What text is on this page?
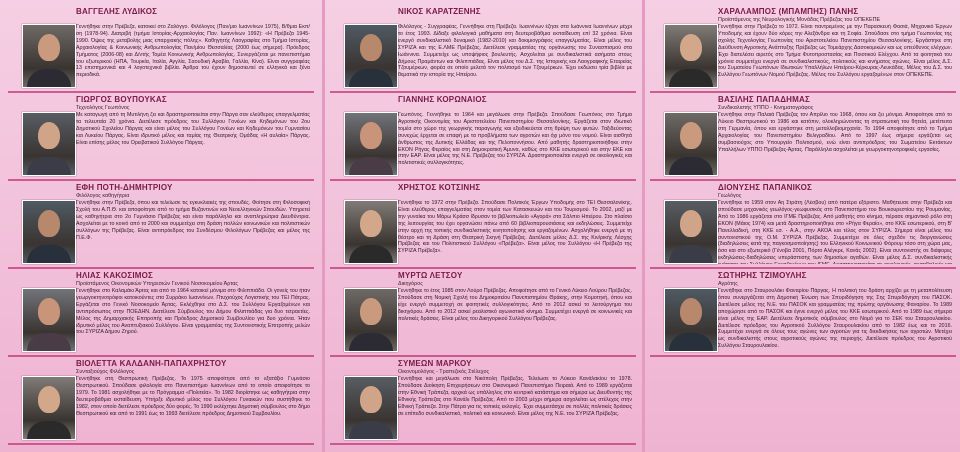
ΒΑΓΓΕΛΗΣ ΛΥΔΙΚΟΣ
Γεννήθηκε στην Πρέβεζα, κατοικεί στο Ζαλόγγο. Φιλόλογος (Παν/μιο Ιωαννίνων 1975), Β/θμια Εκπ/ση (1978-94). Διατριβή (τμήμα Ιστορίας-Αρχαιολογίας Παν. Ιωαννίνων 1992): «Η Πρέβεζα 1945-1990. Όψεις της μεταβολής μιας επαρχιακής πόλης». Καθηγητής Λαογραφίας στο Τμήμα Ιστορίας, Αρχαιολογίας & Κοινωνικής Ανθρωπολογίας Παν/μίου Θεσσαλίας (2000 έως σήμερα). Πρόεδρος Τμήματος (2006-08) και Δ/ντής Τομέα Κοινωνικής Ανθρωπολογίας. Συνεργάζεται με πανεπιστήμια του εξωτερικού (ΗΠΑ, Τουρκία, Ιταλία, Αγγλία, Σαουδική Αραβία, Γαλλία, Κίνα). Είναι συγγραφέας 13 επιστημονικά και 4 λογοτεχνικά βιβλία. Άρθρα του έχουν δημοσιευτεί σε ελληνικά και ξένα περιοδικά.
ΓΙΩΡΓΟΣ ΒΟΥΠΟΥΚΑΣ
Τεχνολόγος Γεωπόνος
Με καταγωγή από τη Μυτιλήνη ζει και δραστηριοποιείται στην Πάργα σαν ελεύθερος επαγγελματίας τα τελευταία 20 χρόνια. Διετέλεσε πρόεδρος του Συλλόγου Γονέων και Κηδεμόνων του 2ου Δημοτικού Σχολείου Πάργας και είναι μέλος του Συλλόγου Γονέων και Κηδεμόνων του Γυμνασίου και Λυκείου Πάργας. Είναι ιδρυτικό μέλος και ταμίας της Θεατρικής Ομάδας «Η αυλαία» Πάργας. Είναι επίσης μέλος του Ορειβατικού Συλλόγου Πάργας.
ΕΦΗ ΠΟΤΗ-ΔΗΜΗΤΡΙΟΥ
Φιλόλογος καθηγήτρια
Γεννήθηκε στην Πρέβεζα, όπου και τελείωσε τις εγκυκλιακές της σπουδές. Φοίτησε στη Φιλοσοφική Σχολή του Α.Π.Θ. και αποφοίτησε από το τμήμα Βυζαντινών και Νεοελληνικών Σπουδών. Υπηρετεί ως καθηγήτρια στο 2ο Γυμνάσιο Πρέβεζας και είναι παράλληλα και αναπληρώτρια Διευθύντρια. Ασχολείται με το κοινό από το 2000 και συμμετέχει στη δράση πολλών κοινωνικών και πολιτιστικών συλλόγων της Πρέβεζας. Είναι αντιπρόεδρος του Συνδέσμου Φιλολόγων Πρέβεζας και μέλος της Π.Ε.Φ.
ΗΛΙΑΣ ΚΑΚΟΣΙΜΟΣ
Προϊστάμενος Οικονομικών Υπηρεσιών Γενικού Νοσοκομείου Άρτας
Γεννήθηκε στο Καλαμάκι Άρτας και από το 1964 κατοικεί μόνιμα στο Φιλιππιάδα. Οι γονείς του ήταν γεωργοκτηνοτρόφοι κατοικούντες στο Συρράκο Ιωαννίνων. Πτυχιούχος Λογιστικής του ΤΕΙ Πάτρας. Εργάζεται στο Γενικό Νοσοκομείο Άρτας. Εκλέχθηκε στο Δ.Σ. του Συλλόγου Εργαζομένων και αντιπρόσωπος στην ΠΟΕΔΗΝ. Διατέλεσε Σύμβουλος του Δήμου Φιλιππιάδας για δυο τετραετίες. Μέλος της Δημαρχιακής Επιτροπής και Πρόεδρος Δημοτικού Συμβουλίου για δυο χρόνια. Ήταν ιδρυτικό μέλος του Αναπτυξιακού Συλλόγου. Είναι γραμματέας της Συντονιστικής Επιτροπής μελών του ΣΥΡΙΖΑ Δήμου Ζηρού.
ΒΙΟΛΕΤΤΑ ΚΑΛΔΑΝΗ-ΠΑΠΑΧΡΗΣΤΟΥ
Συνταξιούχος Φιλόλογος
Γεννήθηκε στη Θεσπρωτική Πρέβεζας. Το 1975 αποφοίτησε από το εξατάξιο Γυμνάσιο Θεσπρωτικού. Σπούδασε φιλολογία στο Πανεπιστήμιο Ιωαννίνων από το οποίο αποφοίτησε το 1979. Το 1981 ασχολήθηκε με το Πρόγραμμα «Πολιτεία». Το 1982 διορίστηκε ως καθηγήτρια στην δευτεροβάθμια εκπαίδευση. Υπήρξε ιδρυτικό μέλος του Συλλόγου Γυναικών που συστήθηκε το 1982, στον οποίο διετέλεσε πρόεδρος δύο φορές. Το 1990 εκλέχτηκε Δημοτική σύμβουλος στο δήμο Θεσπρωτικού και από το 1991 έως το 1993 διετέλεσε πρόεδρος Δημοτικού Συμβουλίου.
ΝΙΚΟΣ ΚΑΡΑΤΖΕΝΗΣ
Φιλόλογος - Συγγραφέας. Γεννήθηκε στη Πρέβεζα. Ιωαννίνων έζησε στα Ιωάννινα Ιωαννίνων μέχρι το έτος 1993. Δίδαξε φιλολογικά μαθήματα στη δευτεροβάθμια εκπαίδευση επί 32 χρόνια. Είναι ενεργό συνδικαλιστικό δυναμικό (1982-2010) και δοκιμιογράφος επαγγελματίας. Είναι μέλος του ΣΥΡΙΖΑ και της Ε.ΛΜΕ Πρέβεζας. Διετέλεσε γραμματέας της οργάνωσης του Συνασπισμού στα Ιωάννινα. Συμμετείχε ως υποψήφιος βουλευτής. Ασχολείται με συνδικαλιστικά ασήματα στους Δήμους Πραμάντων και Φιλιππιάδας. Είναι μέλος του Δ.Σ. της Ιστορικής και Λαογραφικής Εταιρείας Τζουμέρκων, φορέα σε οποίο μελετά τον πολιτισμό των Τζουμέρκων. Έχει εκδώσει τρία βιβλία με θεματικά την ιστορία της Ηπείρου.
ΓΙΑΝΝΗΣ ΚΟΡΩΝΑΙΟΣ
Γεωπόνος. Γεννήθηκε το 1964 και μεγάλωσε στην Πρέβεζα. Σπούδασε Γεωπόνος στο Τμήμα Αγροτικής Οικονομίας του Αριστοτελείου Πανεπιστημίου Θεσσαλονίκης. Εργάζεται στον ιδιωτικό τομέα στο χώρο της γεωργικής παραγωγής και εξειδικεύεται στη θρέψη των φυτών. Ταξιδεύοντας συνεχώς έρχεται σε επαφή με τα προβλήματα των αγροτών και όχι μόνο του νομού. Είναι αισθητά άνθρωπος της Δυτικής Ελλάδας και της Πελοποννήσου. Από μαθητής δραστηριοποιήθηκε στην ΕΚΟΝ Ρήγας Φεραίος και στη Δημοκρατική Άμυνα, καθώς στο ΚΚΕ εσωτερικού και στην ΕΚΕ και στην ΕΑΡ. Είναι μέλος της Ν.Ε. Πρέβεζας του ΣΥΡΙΖΑ. Δραστηριοποιείται ενεργά σε οικολογικές και πολιτιστικές συλλογικότητες.
ΧΡΗΣΤΟΣ ΚΟΤΣΙΝΗΣ
Γεννήθηκε το 1972 στην Πρέβεζα. Σπούδασε Πολιτικός Έργων Υποδομής στο ΤΕΙ Θεσσαλονίκης. Είναι ελεύθερος επαγγελματίας στον τομέα των Κατασκευών και του Τουρισμού. Το 2002, μαζί με την γυναίκα του Μάρω Κράσσ ίδρυσαν το βιβλιοπωλείο «Αγορά» στο Σάλπιο Ηπείρου. Στο πλαίσιο της λειτουργίας του έχει οργανώσει πάνω από 60 βιβλιοπαρουσιάσεις και εκδηλώσεις. Συμμετείχε στην αρχή της τοπικής συνδικαλιστικής κινητοποίησης και εργαζομένων. Ασχολήθηκε ενεργά με τη θέατρο και τη Δράση στη Θεατρική Σκηνή Πρέβεζας. Διετέλεσε μέλος Δ.Σ. της Κιν/ρικής Λέσχης Πρέβεζας και του Πολιτιστικού Συλλόγου «Πρέβεζα». Είναι μέλος του Συλλόγου «Η Πρέβεζα της ΣΥΡΙΖΑ Πρέβεζα».
ΜΥΡΤΩ ΛΕΤΣΟΥ
Δικηγόρος
Γεννήθηκε το έτος 1985 στον Λούρο Πρέβεζας. Αποφοίτησε από το Γενικό Λύκειο Λούρου Πρέβεζας. Σπούδασε στη Νομική Σχολή του Δημοκριτείου Πανεπιστημίου Θράκης, στην Κομοτηνή, όπου και είχε ενεργό συμμετοχή σε φοιτητικές συλλογικότητες. Από το 2012 ασκεί το λειτούργημα του δικηγόρου. Από το 2012 ασκεί ρεαλιστικό αγωνιστικό κίνημα. Συμμετέχει ενεργά σε κοινωνικές και πολιτικές δράσεις. Είναι μέλος του Δικηγορικού Συλλόγου Πρέβεζας.
ΣΥΜΕΩΝ ΜΑΡΚΟΥ
Οικονομολόγος - Τραπεζικός Στέλεχος
Γεννήθηκε και μεγάλωσε στο Νικόπολη Πρέβεζας. Τελείωσε το Λύκειο Κανάλακίου το 1978. Σπούδασε Διοίκηση Επιχειρήσεων στο Οικονομικό Πανεπιστήμιο Πειραιά. Από το 1989 εργάζεται στην Εθνική Τράπεζα, αρχικά ως υπάλληλος στο κεντρικό κατάστημα και σήμερα ως Διευθυντής της Εθνικής Τράπεζας στο Κανάλι Πρέβεζας. Από το 2003 μέχρι σήμερα ασχολείται ως στέλεχος στην Εθνική Τράπεζα. Στην Πάτρα για τις τοπικές εκλογές. Έχει συμμετάσχει σε πολλές πολιτικές δράσεις σε επίπεδο συνδικαλιστικό, πολιτικό και κοινωνικό. Είναι μέλος της Ν.Ε. του ΣΥΡΙΖΑ Πρέβεζας.
ΧΑΡΑΛΑΜΠΟΣ (ΜΠΑΜΠΗΣ) ΠΑΝΗΣ
Προϊστάμενος της Νευρολογικής Μονάδας Πρέβεζας του ΟΠΕΚΕΠΕ
Γεννήθηκε στην Πρέβεζα το 1972. Είναι παντρεμένος με την Παρασκευή Φασιά, Μηχανικό Έργων Υποδομής και έχουν δύο κόρες την Αλεξάνδρα και τη Σοφία. Σπούδασε στο τμήμα Γεωπονίας της σχολής Τεχνολογίας Γεωπονίας του Αριστοτελείου Πανεπιστημίου Θεσσαλονίκης. Εργάστηκε στη Διεύθυνση Αγροτικής Ανάπτυξης Πρέβεζας ως Τομεάρχης Δασοκομικών και ως υπεύθυνος ελέγχων. Έχει διατελέσει αιρετός στο Τμήμα Φυτοπροστασίας και Ποιοτικού Ελέγχου. Από τα φοιτητικά του χρόνια συμμετέχει ενεργά σε συνδικαλιστικούς, πολιτικούς και κινήματος αγώνες. Είναι μέλος Δ.Σ. του Συματείου Γεωπόνων Ιδιωτικών Υπαλλήλων Ηπείρου-Κέρκυρας-Λευκάδας. Μέλος του Δ.Σ. του Συλλόγου Γεωπόνων Νομού Πρέβεζας. Μέλος του Συλλόγου εργαζομένων στον ΟΠΕΚΕΠΕ.
ΒΑΣΙΛΗΣ ΠΑΠΑΔΗΜΑΣ
Συνδικαλιστής ΥΠΠΟ - Κινηματογράφος
Γεννήθηκε στην Παλαιά Πρέβεζας τον Απρίλιο του 1968, όπου και ζει μόνιμα. Αποφοίτησε από το Λύκειο Θεσπρωτικού το 1986 και κατόπιν, ολοκληρώνοντας τη στρατιωτική του θητεία, μετέπειτα στη Γερμανία, όπου και εργάστηκε στη μεταλλοβιομηχανία. Το 1994 αποφοίτησε από το Τμήμα Αρχαιολογίας του Πανεπιστημίου Βελιγραδίου. Από το 1997 έως σήμερα εργάζεται ως συμβασιούχος στο Υπουργείο Πολιτισμού, ενώ είναι αντιπρόεδρος του Σωματείου Εκτάκτων Υπαλλήλων ΥΠΠΟ Πρέβεζας-Άρτας. Παράλληλα ασχολείται με γεωργοκτηνοτροφικές εργασίες.
ΔΙΟΝΥΣΗΣ ΠΑΠΑΝΙΚΟΣ
Γεωλόγος
Γεννήθηκε το 1959 στον Αη Στράτη (Λέσβου) από πατέρα εξόριστο. Μαθήτευσε στην Πρέβεζα και σπούδασε μηχανικός γεωλόγος-γεωφυσικός στο Πανεπιστήμιο του Βουκουρεστίου της Ρουμανίας. Από το 1986 εργάζεται στο ΙΓΜΕ Πρέβεζας. Από μαθητής στο κίνημα, πέρασε σημαντικό ρόλο στη ΕΚΟΝ (Μάιος 1974) και μετά δραστηριοποιήθηκε στο «Ρήγα Φεραίο», στο ΚΚΕ εσωτερικού, στη Β' Πανελλαδική, στη ΚΚΕ εσ. - Α.Α., στην ΑΚΟΑ και τέλος στον ΣΥΡΙΖΑ. Σήμερα είναι μέλος του συντονιστικού της Ο.Μ. ΣΥΡΙΖΑ Πρέβεζας. Συμμετέχει σε όλες σχεδόν τις διοργανώσεις (διαδηλώσεις κατά της παγκοσμιοποίησης) του Ελληνικού Κοινωνικού Φόρουμ τόσο στη χώρα μας, όσο και στο εξωτερικό (Γένοβα 2001, Πόρτο Αλέγκρε, Κανάς 2002). Είναι συντονιστής σε διάφορες εκδηλώσεις-διαδηλώσεις υπεράσπισης των δημοσίων αγαθών. Είναι μέλος Δ.Σ. συνδικαλιστικής
ΣΩΤΗΡΗΣ ΤΖΙΜΟΥΛΗΣ
Αγρότης
Γεννήθηκε στο Σταυρουλάκι Φαναρίου Πάργας. Η πολιτική του δράση αρχίζει με τη μεταπολίτευση όπου συνεργάζεται στη Δημοτική Ένωση των Σπυριδόγηση της Σης Σπυριδόγηση του ΠΑΣΟΚ. Διετέλεσε μέλος της Ν.Ε. του ΠΑΣΟΚ και γραμματέας της πρώτης οργάνωσης Φαναρίου. Το 1989 αποχώρησε από το ΠΑΣΟΚ και έγινε ενεργό μέλος του ΚΚΕ εσωτερικού. Από το 1989 έως σήμερα είναι μέλος της ΕΑΡ. Διετέλεσε δημοτικός σύμβουλος στο Νομό για το ΣΕΚ του Σταυρουλακίου. Διετέλεσε πρόεδρος του Αγροτικού Συλλόγου Σταυρουλακίου από το 1982 έως και το 2016. Συμμετέχει ενεργά σε όλους τους αγώνες των αγροτών για τις διεκδικήσεις των αγροτών. Μετέχει ως συνδικαλιστής στους αγροτικούς αγώνες της περιοχής. Διετέλεσε πρόεδρος του Αγροτικού Συλλόγου Σταυρουλακίου.
